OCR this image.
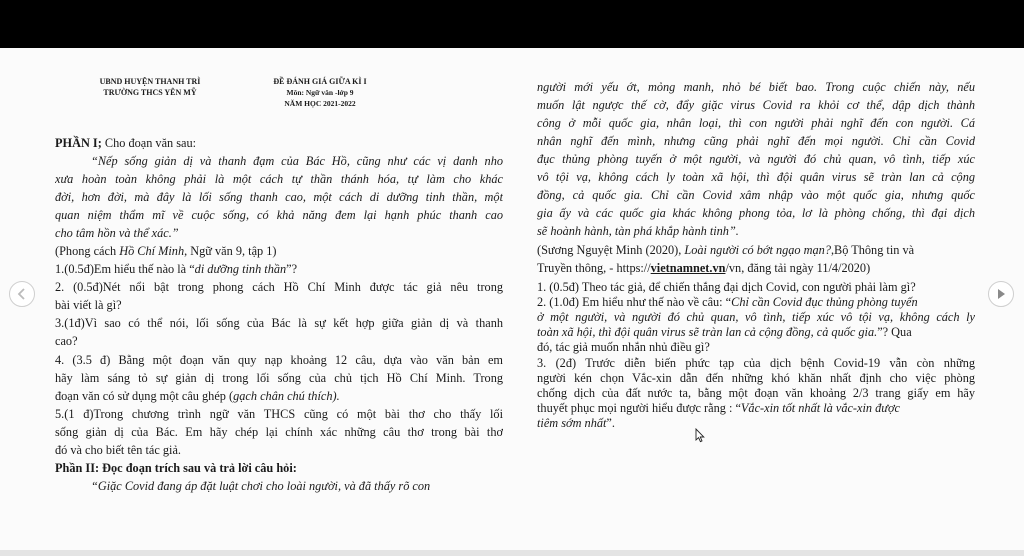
UBND HUYỆN THANH TRÌ
TRƯỜNG THCS YÊN MỸ
ĐỀ ĐÁNH GIÁ GIỮA KÌ I
Môn: Ngữ văn -lớp 9
NĂM HỌC 2021-2022
PHẦN I; Cho đoạn văn sau:
“Nếp sống giản dị và thanh đạm của Bác Hồ, cũng như các vị danh nho
xưa hoàn toàn không phải là một cách tự thần thánh hóa, tự làm cho khác
đời, hơn đời, mà đây là lối sống thanh cao, một cách di dưỡng tinh thần, một
quan niệm thẩm mĩ về cuộc sống, có khả năng đem lại hạnh phúc thanh cao
cho tâm hồn và thể xác.”
(Phong cách Hồ Chí Minh, Ngữ văn 9, tập 1)
1.(0.5đ)Em hiểu thế nào là “di dưỡng tinh thần”?
2. (0.5đ)Nét nổi bật trong phong cách Hồ Chí Minh được tác giả nêu trong
bài viết là gì?
3.(1đ)Vì sao có thể nói, lối sống của Bác là sự kết hợp giữa giản dị và thanh
cao?
4. (3.5 đ) Bằng một đoạn văn quy nạp khoảng 12 câu, dựa vào văn bản em
hãy làm sáng tỏ sự giản dị trong lối sống của chủ tịch Hồ Chí Minh. Trong
đoạn văn có sử dụng một câu ghép (gạch chân chú thích).
5.(1 đ)Trong chương trình ngữ văn THCS cũng có một bài thơ cho thấy lối
sống giản dị của Bác. Em hãy chép lại chính xác những câu thơ trong bài thơ
đó và cho biết tên tác giả.
Phần II: Đọc đoạn trích sau và trả lời câu hỏi:
“Giặc Covid đang áp đặt luật chơi cho loài người, và đã thấy rõ con
người mới yếu ớt, mỏng manh, nhỏ bé biết bao. Trong cuộc chiến này, nếu
muốn lật ngược thế cờ, đẩy giặc virus Covid ra khỏi cơ thể, dập dịch thành
công ở mỗi quốc gia, nhân loại, thì con người phải nghĩ đến con người. Cá
nhân nghĩ đến mình, nhưng cũng phải nghĩ đến mọi người. Chỉ cần Covid
đục thủng phòng tuyến ở một người, và người đó chủ quan, vô tình, tiếp xúc
vô tội vạ, không cách ly toàn xã hội, thì đội quân virus sẽ tràn lan cả cộng
đồng, cả quốc gia. Chỉ cần Covid xâm nhập vào một quốc gia, nhưng quốc
gia ấy và các quốc gia khác không phong tỏa, lơ là phòng chống, thì đại dịch
sẽ hoành hành, tàn phá khắp hành tinh”.
(Sương Nguyệt Minh (2020), Loài người có bớt ngạo mạn?,Bộ Thông tin và
Truyền thông, - https://vietnamnet.vn/vn, đăng tải ngày 11/4/2020)
1. (0.5đ) Theo tác giả, để chiến thắng đại dịch Covid, con người phải làm gì?
2. (1.0đ) Em hiểu như thế nào về câu: “Chỉ cần Covid đục thủng phòng tuyến
ở một người, và người đó chủ quan, vô tình, tiếp xúc vô tội vạ, không cách ly
toàn xã hội, thì đội quân virus sẽ tràn lan cả cộng đồng, cả quốc gia.”? Qua
đó, tác giả muốn nhắn nhủ điều gì?
3. (2đ) Trước diễn biến phức tạp của dịch bệnh Covid-19 vẫn còn những
người kén chọn Vắc-xin dẫn đến những khó khăn nhất định cho việc phòng
chống dịch của đất nước ta, bằng một đoạn văn khoảng 2/3 trang giấy em hãy
thuyết phục mọi người hiểu được rằng : “Vắc-xin tốt nhất là vắc-xin được
tiêm sớm nhất”.
